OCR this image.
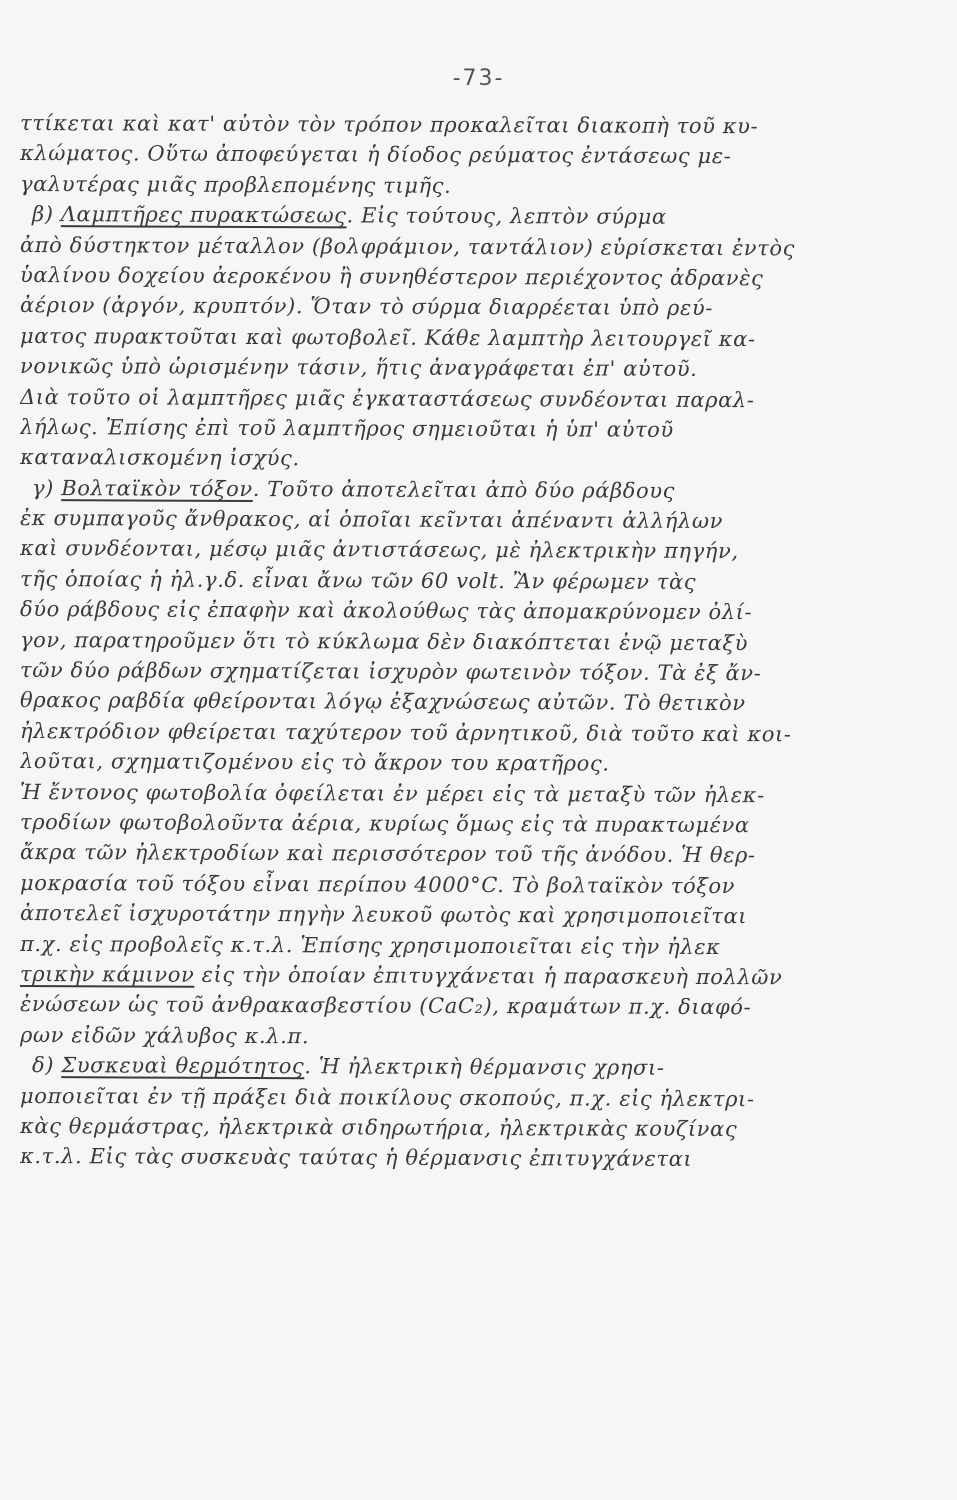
-73-
ττίκεται καὶ κατ' αὐτὸν τὸν τρόπον προκαλεῖται διακοπὴ τοῦ κυ-
κλώματος. Οὕτω ἀποφεύγεται ἡ δίοδος ρεύματος ἐντάσεως με-
γαλυτέρας μιᾶς προβλεπομένης τιμῆς.
β) Λαμπτῆρες πυρακτώσεως. Εἰς τούτους, λεπτὸν σύρμα
ἀπὸ δύστηκτον μέταλλον (βολφράμιον, ταντάλιον) εὑρίσκεται ἐντὸς
ὑαλίνου δοχείου ἀεροκένου ἢ συνηθέστερον περιέχοντος ἀδρανὲς
ἀέριον (ἀργόν, κρυπτόν). Ὅταν τὸ σύρμα διαρρέεται ὑπὸ ρεύ-
ματος πυρακτοῦται καὶ φωτοβολεῖ. Κάθε λαμπτὴρ λειτουργεῖ κα-
νονικῶς ὑπὸ ὡρισμένην τάσιν, ἥτις ἀναγράφεται ἐπ' αὐτοῦ.
Διὰ τοῦτο οἱ λαμπτῆρες μιᾶς ἐγκαταστάσεως συνδέονται παραλ-
λήλως. Ἐπίσης ἐπὶ τοῦ λαμπτῆρος σημειοῦται ἡ ὑπ' αὐτοῦ
καταναλισκομένη ἰσχύς.
γ) Βολταϊκὸν τόξον. Τοῦτο ἀποτελεῖται ἀπὸ δύο ράβδους
ἐκ συμπαγοῦς ἄνθρακος, αἱ ὁποῖαι κεῖνται ἀπέναντι ἀλλήλων
καὶ συνδέονται, μέσῳ μιᾶς ἀντιστάσεως, μὲ ἠλεκτρικὴν πηγήν,
τῆς ὁποίας ἡ ἠλ.γ.δ. εἶναι ἄνω τῶν 60 volt. Ἂν φέρωμεν τὰς
δύο ράβδους εἰς ἐπαφὴν καὶ ἀκολούθως τὰς ἀπομακρύνομεν ὀλί-
γον, παρατηροῦμεν ὅτι τὸ κύκλωμα δὲν διακόπτεται ἐνῷ μεταξὺ
τῶν δύο ράβδων σχηματίζεται ἰσχυρὸν φωτεινὸν τόξον. Τὰ ἐξ ἄν-
θρακος ραβδία φθείρονται λόγῳ ἐξαχνώσεως αὐτῶν. Τὸ θετικὸν
ἠλεκτρόδιον φθείρεται ταχύτερον τοῦ ἀρνητικοῦ, διὰ τοῦτο καὶ κοι-
λοῦται, σχηματιζομένου εἰς τὸ ἄκρον του κρατῆρος.
Ἡ ἔντονος φωτοβολία ὀφείλεται ἐν μέρει εἰς τὰ μεταξὺ τῶν ἠλεκ-
τροδίων φωτοβολοῦντα ἀέρια, κυρίως ὅμως εἰς τὰ πυρακτωμένα
ἄκρα τῶν ἠλεκτροδίων καὶ περισσότερον τοῦ τῆς ἀνόδου. Ἡ θερ-
μοκρασία τοῦ τόξου εἶναι περίπου 4000°C. Τὸ βολταϊκὸν τόξον
ἀποτελεῖ ἰσχυροτάτην πηγὴν λευκοῦ φωτὸς καὶ χρησιμοποιεῖται
π.χ. εἰς προβολεῖς κ.τ.λ. Ἐπίσης χρησιμοποιεῖται εἰς τὴν ἠλεκ
τρικὴν κάμινον εἰς τὴν ὁποίαν ἐπιτυγχάνεται ἡ παρασκευὴ πολλῶν
ἐνώσεων ὡς τοῦ ἀνθρακασβεστίου (CaC₂), κραμάτων π.χ. διαφό-
ρων εἰδῶν χάλυβος κ.λ.π.
δ) Συσκευαὶ θερμότητος. Ἡ ἠλεκτρικὴ θέρμανσις χρησι-
μοποιεῖται ἐν τῇ πράξει διὰ ποικίλους σκοπούς, π.χ. εἰς ἠλεκτρι-
κὰς θερμάστρας, ἠλεκτρικὰ σιδηρωτήρια, ἠλεκτρικὰς κουζίνας
κ.τ.λ. Εἰς τὰς συσκευὰς ταύτας ἡ θέρμανσις ἐπιτυγχάνεται
